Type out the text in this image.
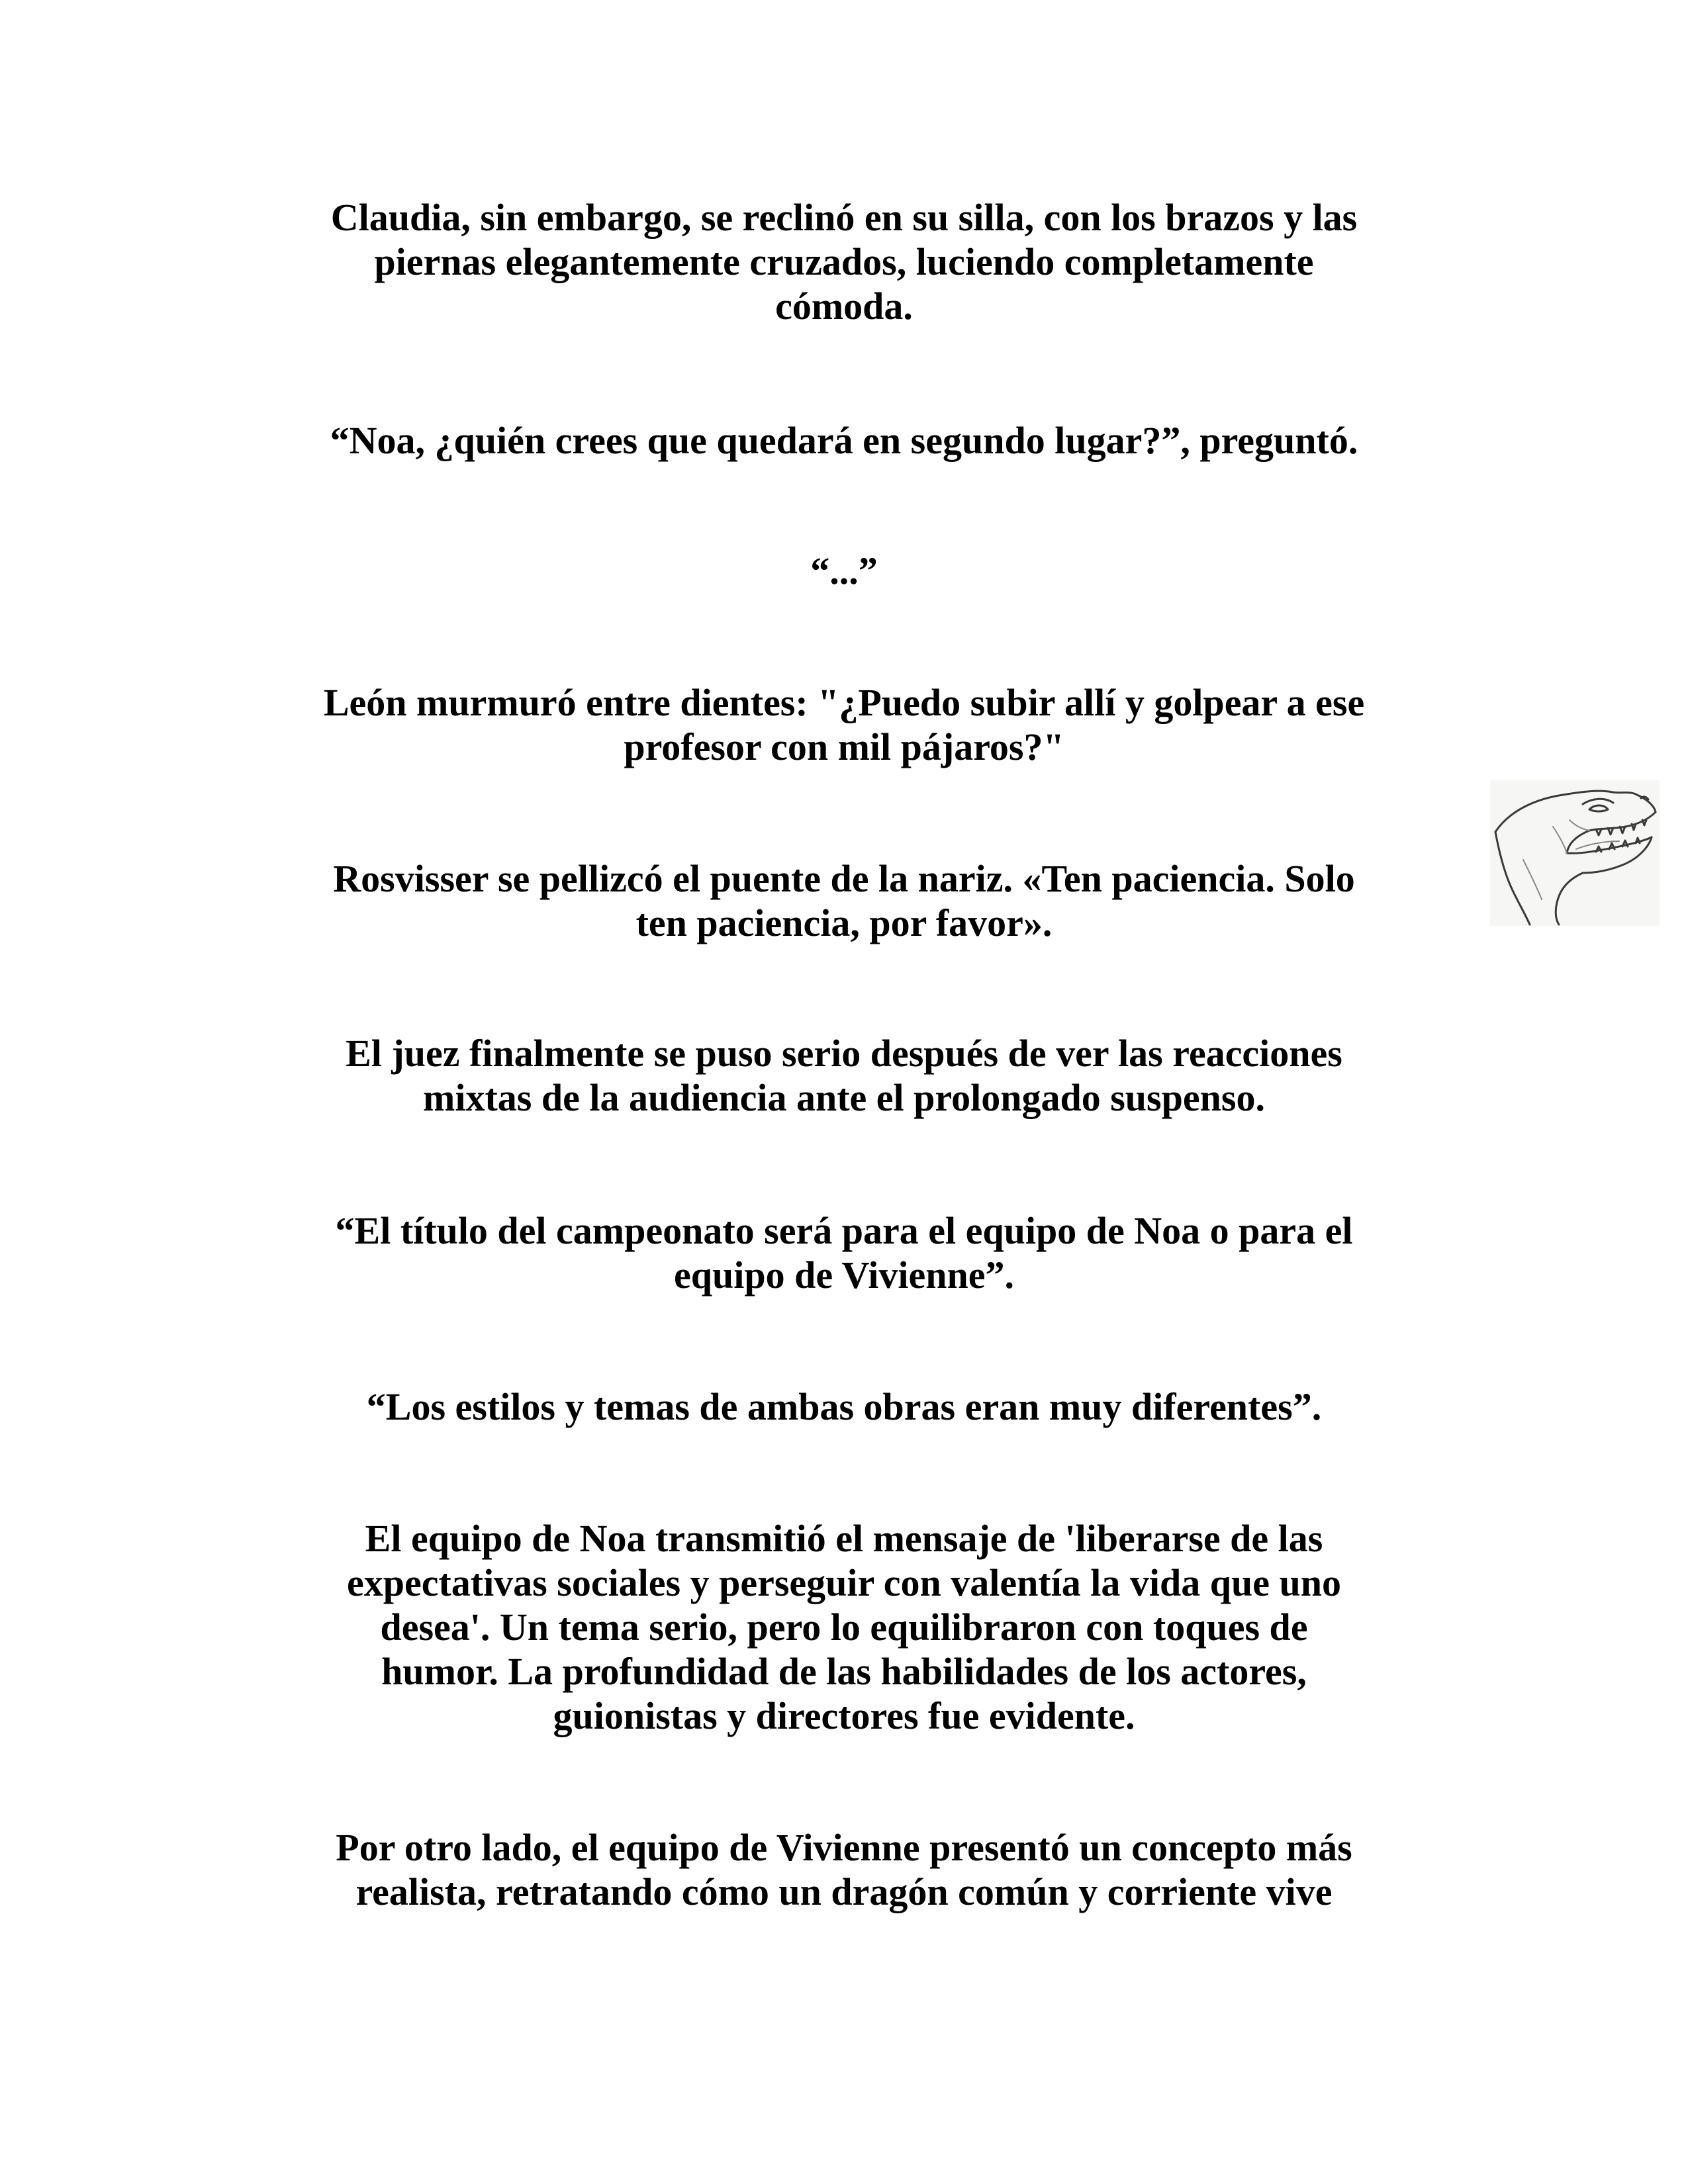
Claudia, sin embargo, se reclinó en su silla, con los brazos y las
piernas elegantemente cruzados, luciendo completamente
cómoda.
“Noa, ¿quién crees que quedará en segundo lugar?”, preguntó.
“...”
León murmuró entre dientes: "¿Puedo subir allí y golpear a ese
profesor con mil pájaros?"
Rosvisser se pellizcó el puente de la nariz. «Ten paciencia. Solo
ten paciencia, por favor».
El juez finalmente se puso serio después de ver las reacciones
mixtas de la audiencia ante el prolongado suspenso.
“El título del campeonato será para el equipo de Noa o para el
equipo de Vivienne”.
“Los estilos y temas de ambas obras eran muy diferentes”.
El equipo de Noa transmitió el mensaje de 'liberarse de las
expectativas sociales y perseguir con valentía la vida que uno
desea'. Un tema serio, pero lo equilibraron con toques de
humor. La profundidad de las habilidades de los actores,
guionistas y directores fue evidente.
Por otro lado, el equipo de Vivienne presentó un concepto más
realista, retratando cómo un dragón común y corriente vive
